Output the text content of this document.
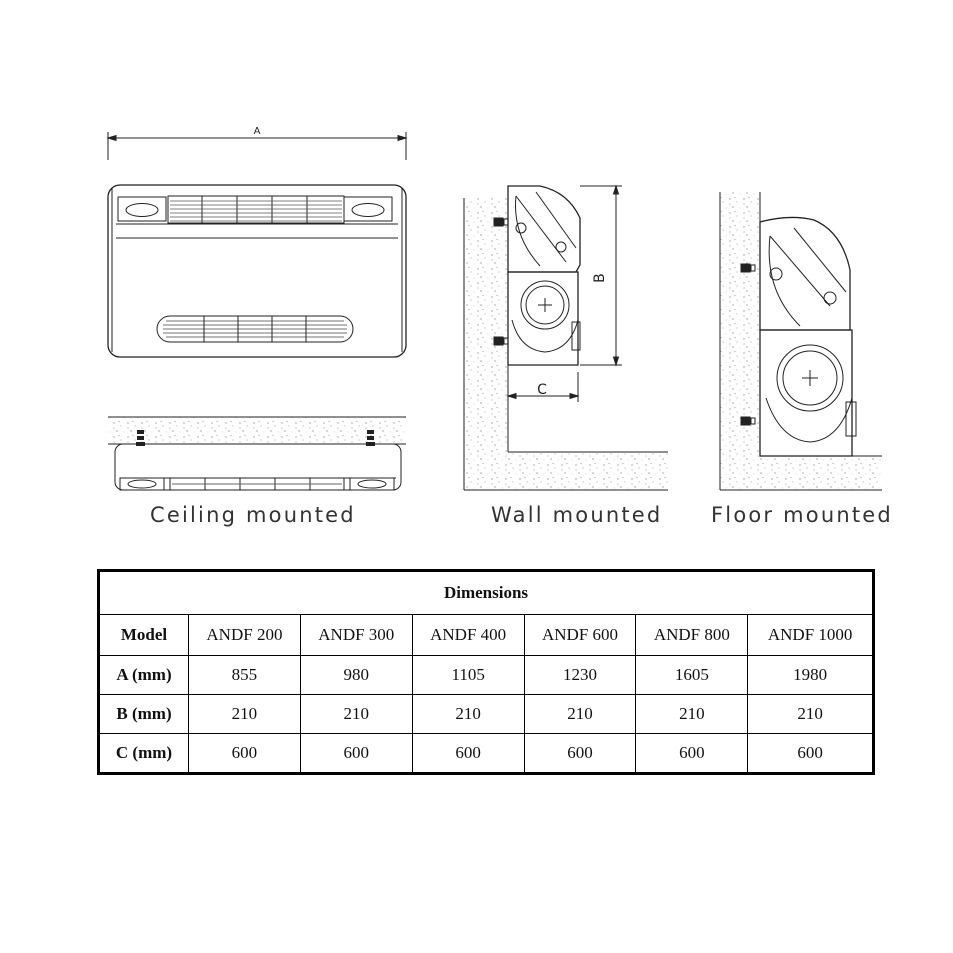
A
B
C
Ceiling mounted	Wall mounted Floor mounted
Dimensions						
Model	ANDF 200	ANDF 300	ANDF 400	ANDF 600	ANDF 800	ANDF 1000
A (mm)	855	980	1105	1230	1605	1980
B (mm)	210	210	210	210	210	210
C (mm)	600	600	600	600	600	600
